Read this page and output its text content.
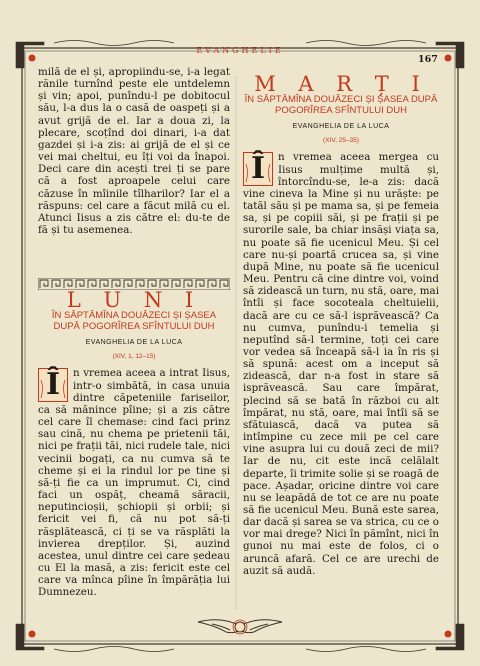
EVANGHELIE
167

milă de el și, apropiindu-se, i-a legat rănile turnînd peste ele untdelemn și vin; apoi, punîndu-l pe dobitocul său, l-a dus la o casă de oaspeți și a avut grijă de el. Iar a doua zi, la plecare, scoțînd doi dinari, i-a dat gazdei și i-a zis: ai grijă de el și ce vei mai cheltui, eu îți voi da înapoi. Deci care din acești trei ți se pare că a fost aproapele celui care căzuse în mîinile tîlharilor? Iar el a răspuns: cel care a făcut milă cu el. Atunci Iisus a zis către el: du-te de fă și tu asemenea.

L U N I
ÎN SĂPTĂMÎNA DOUĂZECI ȘI ȘASEA DUPĂ POGORÎREA SFÎNTULUI DUH
EVANGHELIA DE LA LUCA
(XIV, 1, 12–15)
Î	n vremea aceea a intrat Iisus, intr-o simbătă, in casa unuia dintre căpeteniile fariseilor, ca să mănince pîine; și a zis către cel care îl chemase: cind faci prinz sau cină, nu chema pe prietenii tăi, nici pe frații tăi, nici rudele tale, nici vecinii bogați, ca nu cumva să te cheme și ei la rindul lor pe tine și să-ți fie ca un imprumut. Ci, cind faci un ospăț, cheamă săracii, neputincioșii, șchiopii și orbii; și fericit vei fi, că nu pot să-ți răsplătească, ci ți se va răsplăti la invierea drepților. Și, auzind acestea, unul dintre cei care ședeau cu El la masă, a zis: fericit este cel care va mînca pîine în împărăția lui Dumnezeu.

M A R Ț I
ÎN SĂPTĂMÎNA DOUĂZECI ȘI ȘASEA DUPĂ POGORÎREA SFÎNTULUI DUH
EVANGHELIA DE LA LUCA
(XIV, 25–35)
Î	n vremea aceea mergea cu Iisus mulțime multă și, întorcîndu-se, le-a zis: dacă vine cineva la Mine și nu urăște: pe tatăl său și pe mama sa, și pe femeia sa, și pe copiii săi, și pe frații și pe surorile sale, ba chiar insăși viața sa, nu poate să fie ucenicul Meu. Și cel care nu-și poartă crucea sa, și vine după Mine, nu poate să fie ucenicul Meu. Pentru că cine dintre voi, voind să zidească un turn, nu stă, oare, mai întîi și face socoteala cheltuielii, dacă are cu ce să-l isprăvească? Ca nu cumva, punîndu-i temelia și neputînd să-l termine, toți cei care vor vedea să înceapă să-l ia în ris și să spună: acest om a inceput să zidească, dar n-a fost in stare să isprăvească. Sau care împărat, plecind să se bată în război cu alt împărat, nu stă, oare, mai întîi să se sfătuiască, dacă va putea să intîmpine cu zece mii pe cel care vine asupra lui cu două zeci de mii? Iar de nu, cit este incă celălalt departe, îi trimite solie și se roagă de pace. Așadar, oricine dintre voi care nu se leapădă de tot ce are nu poate să fie ucenicul Meu. Bună este sarea, dar dacă și sarea se va strica, cu ce o vor mai drege? Nici în pămînt, nici în gunoi nu mai este de folos, ci o aruncă afară. Cel ce are urechi de auzit să audă.
